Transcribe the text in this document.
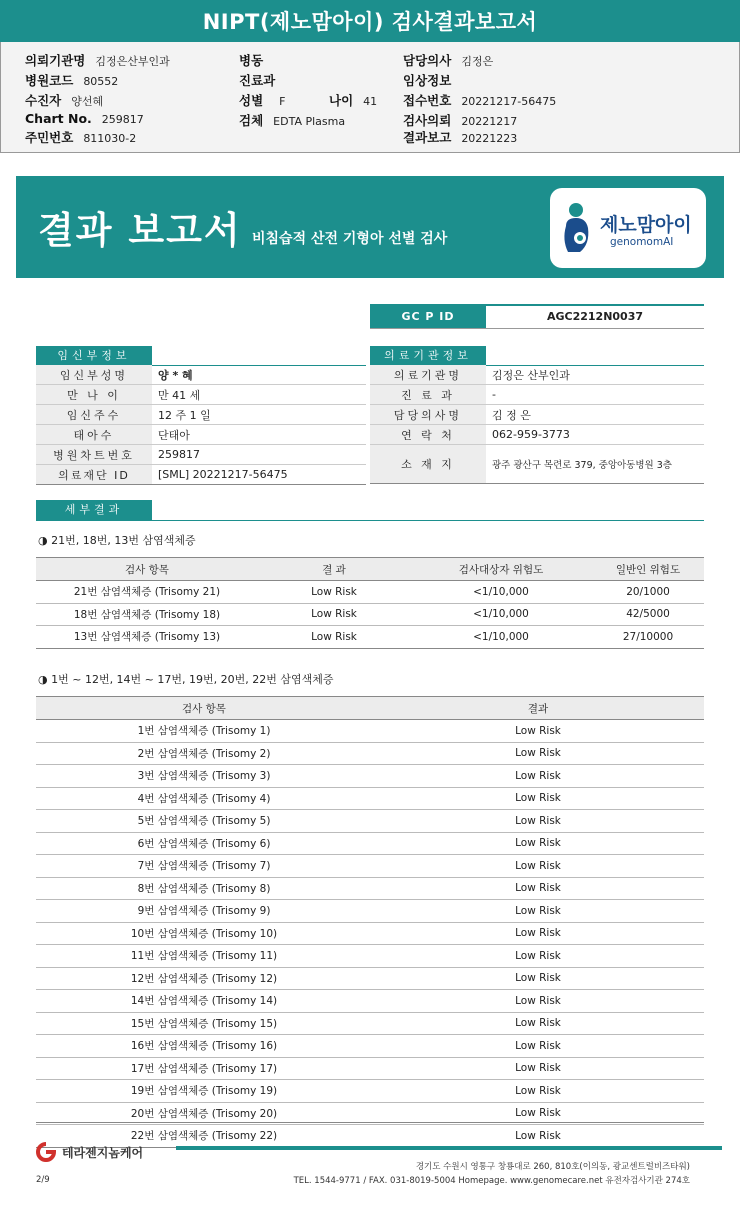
NIPT(제노맘아이) 검사결과보고서
의뢰기관명 김정은산부인과
병원코드 80552
수진자 양선혜
Chart No. 259817
주민번호 811030-2
병동
진료과
성별 F	나이 41
검체 EDTA Plasma
담당의사 김정은
임상정보
접수번호 20221217-56475
검사의뢰 20221217
결과보고 20221223
결과 보고서 비침습적 산전 기형아 선별 검사
제노맘아이
genomomAI
GC P ID	AGC2212N0037
임신부정보
임신부성명	양 * 혜
만 나 이	만 41 세
임신주수	12 주 1 일
태아수	단태아
병원차트번호	259817
의료재단 ID	[SML] 20221217-56475
의료기관정보
의료기관명	김정은 산부인과
진 료 과	-
담당의사명	김 정 은
연 락 처	062-959-3773
소 재 지	광주 광산구 목련로 379, 중앙아동병원 3층
세부결과
◑ 21번, 18번, 13번 삼염색체증
검사 항목	결 과	검사대상자 위험도	일반인 위험도
21번 삼염색체증 (Trisomy 21)	Low Risk	<1/10,000	20/1000
18번 삼염색체증 (Trisomy 18)	Low Risk	<1/10,000	42/5000
13번 삼염색체증 (Trisomy 13)	Low Risk	<1/10,000	27/10000
◑ 1번 ~ 12번, 14번 ~ 17번, 19번, 20번, 22번 삼염색체증
검사 항목	결과
1번 삼염색체증 (Trisomy 1)	Low Risk
2번 삼염색체증 (Trisomy 2)	Low Risk
3번 삼염색체증 (Trisomy 3)	Low Risk
4번 삼염색체증 (Trisomy 4)	Low Risk
5번 삼염색체증 (Trisomy 5)	Low Risk
6번 삼염색체증 (Trisomy 6)	Low Risk
7번 삼염색체증 (Trisomy 7)	Low Risk
8번 삼염색체증 (Trisomy 8)	Low Risk
9번 삼염색체증 (Trisomy 9)	Low Risk
10번 삼염색체증 (Trisomy 10)	Low Risk
11번 삼염색체증 (Trisomy 11)	Low Risk
12번 삼염색체증 (Trisomy 12)	Low Risk
14번 삼염색체증 (Trisomy 14)	Low Risk
15번 삼염색체증 (Trisomy 15)	Low Risk
16번 삼염색체증 (Trisomy 16)	Low Risk
17번 삼염색체증 (Trisomy 17)	Low Risk
19번 삼염색체증 (Trisomy 19)	Low Risk
20번 삼염색체증 (Trisomy 20)	Low Risk
22번 삼염색체증 (Trisomy 22)	Low Risk
테라젠지놈케어
2/9
경기도 수원시 영통구 창룡대로 260, 810호(이의동, 광교센트럴비즈타워)
TEL. 1544-9771 / FAX. 031-8019-5004 Homepage. www.genomecare.net 유전자검사기관 274호
